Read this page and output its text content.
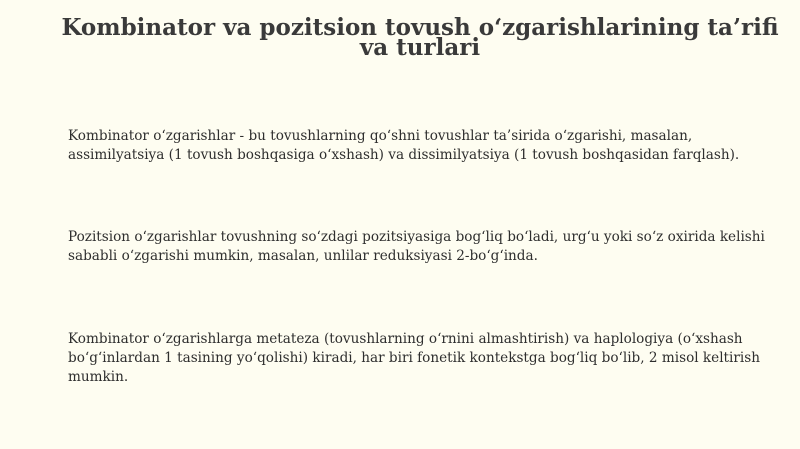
Kombinator va pozitsion tovush o‘zgarishlarining ta’rifi va turlari

Kombinator o‘zgarishlar - bu tovushlarning qo‘shni tovushlar ta’sirida o‘zgarishi, masalan, assimilyatsiya (1 tovush boshqasiga o‘xshash) va dissimilyatsiya (1 tovush boshqasidan farqlash).

Pozitsion o‘zgarishlar tovushning so‘zdagi pozitsiyasiga bog‘liq bo‘ladi, urg‘u yoki so‘z oxirida kelishi sababli o‘zgarishi mumkin, masalan, unlilar reduksiyasi 2-bo‘g‘inda.

Kombinator o‘zgarishlarga metateza (tovushlarning o‘rnini almashtirish) va haplologiya (o‘xshash bo‘g‘inlardan 1 tasining yo‘qolishi) kiradi, har biri fonetik kontekstga bog‘liq bo‘lib, 2 misol keltirish mumkin.
